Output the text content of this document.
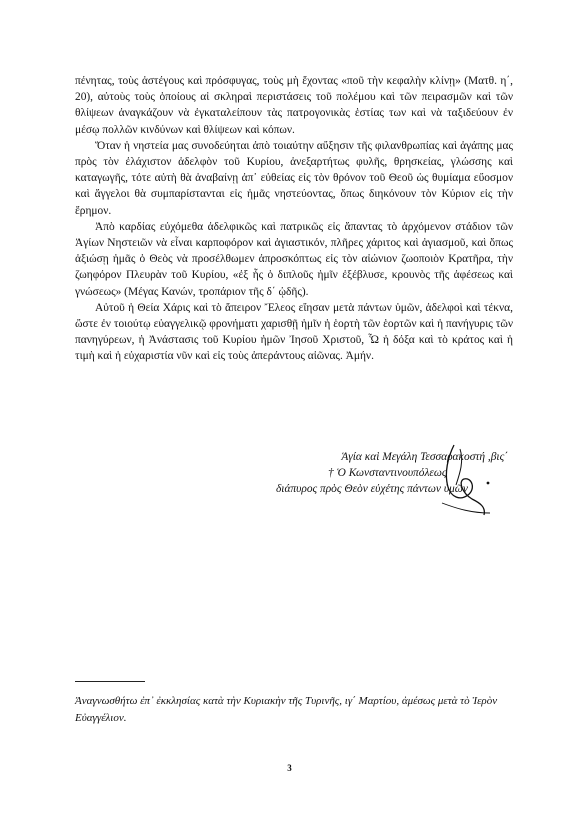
πένητας, τοὺς ἀστέγους καὶ πρόσφυγας, τοὺς μὴ ἔχοντας «ποῦ τὴν κεφαλὴν κλίνῃ» (Ματθ. η΄, 20), αὐτοὺς τοὺς ὁποίους αἱ σκληραὶ περιστάσεις τοῦ πολέμου καὶ τῶν πειρασμῶν καὶ τῶν θλίψεων ἀναγκάζουν νὰ ἐγκαταλείπουν τὰς πατρογονικὰς ἑστίας των καὶ νὰ ταξιδεύουν ἐν μέσῳ πολλῶν κινδύνων καὶ θλίψεων καὶ κόπων.

Ὅταν ἡ νηστεία μας συνοδεύηται ἀπὸ τοιαύτην αὔξησιν τῆς φιλανθρωπίας καὶ ἀγάπης μας πρὸς τὸν ἐλάχιστον ἀδελφὸν τοῦ Κυρίου, ἀνεξαρτήτως φυλῆς, θρησκείας, γλώσσης καὶ καταγωγῆς, τότε αὐτὴ θὰ ἀναβαίνῃ ἀπ᾽ εὐθείας εἰς τὸν θρόνον τοῦ Θεοῦ ὡς θυμίαμα εὔοσμον καὶ ἄγγελοι θὰ συμπαρίστανται εἰς ἡμᾶς νηστεύοντας, ὅπως διηκόνουν τὸν Κύριον εἰς τὴν ἔρημον.

Ἀπὸ καρδίας εὐχόμεθα ἀδελφικῶς καὶ πατρικῶς εἰς ἅπαντας τὸ ἀρχόμενον στάδιον τῶν Ἁγίων Νηστειῶν νὰ εἶναι καρποφόρον καὶ ἁγιαστικόν, πλῆρες χάριτος καὶ ἁγιασμοῦ, καὶ ὅπως ἀξιώσῃ ἡμᾶς ὁ Θεὸς νὰ προσέλθωμεν ἀπροσκόπτως εἰς τὸν αἰώνιον ζωοποιὸν Κρατῆρα, τὴν ζωηφόρον Πλευρὰν τοῦ Κυρίου, «ἐξ ἧς ὁ διπλοῦς ἡμῖν ἐξέβλυσε, κρουνὸς τῆς ἀφέσεως καὶ γνώσεως» (Μέγας Κανών, τροπάριον τῆς δ΄ ᾠδῆς).

Αὐτοῦ ἡ Θεία Χάρις καὶ τὸ ἄπειρον Ἔλεος εἴησαν μετὰ πάντων ὑμῶν, ἀδελφοὶ καὶ τέκνα, ὥστε ἐν τοιούτῳ εὐαγγελικῷ φρονήματι χαρισθῇ ἡμῖν ἡ ἑορτὴ τῶν ἑορτῶν καὶ ἡ πανήγυρις τῶν πανηγύρεων, ἡ Ἀνάστασις τοῦ Κυρίου ἡμῶν Ἰησοῦ Χριστοῦ, Ὧ ἡ δόξα καὶ τὸ κράτος καὶ ἡ τιμὴ καὶ ἡ εὐχαριστία νῦν καὶ εἰς τοὺς ἀπεράντους αἰῶνας. Ἀμήν.

Ἁγία καὶ Μεγάλη Τεσσαρακοστή ,βις΄
† Ὁ Κωνσταντινουπόλεως
διάπυρος πρὸς Θεὸν εὐχέτης πάντων ὑμῶν
Ἀναγνωσθήτω ἐπ᾽ ἐκκλησίας κατὰ τὴν Κυριακὴν τῆς Τυρινῆς, ιγ΄ Μαρτίου, ἀμέσως μετὰ τὸ Ἱερὸν Εὐαγγέλιον.
3
